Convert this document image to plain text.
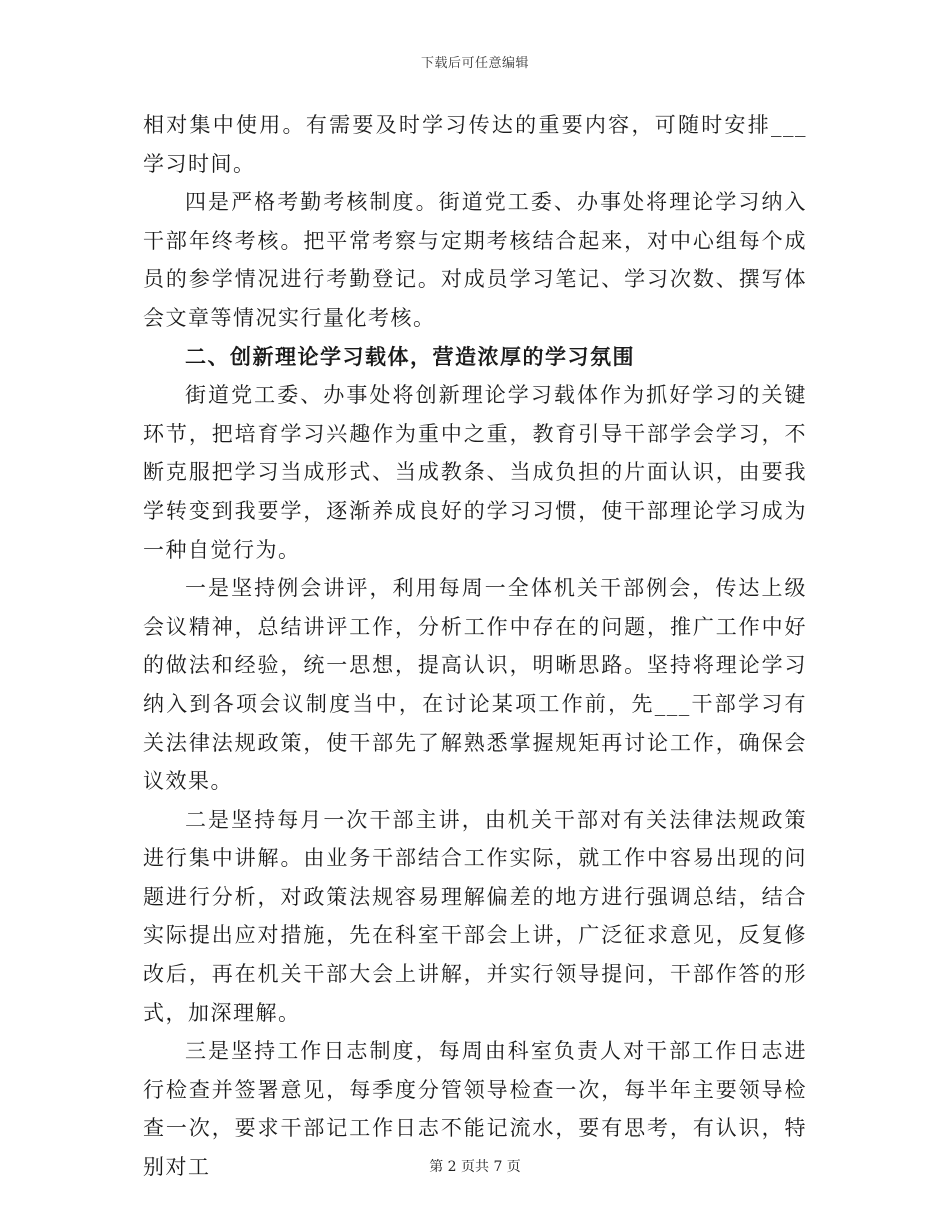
下载后可任意编辑

相对集中使用。有需要及时学习传达的重要内容，可随时安排___学习时间。

四是严格考勤考核制度。街道党工委、办事处将理论学习纳入干部年终考核。把平常考察与定期考核结合起来，对中心组每个成员的参学情况进行考勤登记。对成员学习笔记、学习次数、撰写体会文章等情况实行量化考核。

二、创新理论学习载体，营造浓厚的学习氛围

街道党工委、办事处将创新理论学习载体作为抓好学习的关键环节，把培育学习兴趣作为重中之重，教育引导干部学会学习，不断克服把学习当成形式、当成教条、当成负担的片面认识，由要我学转变到我要学，逐渐养成良好的学习习惯，使干部理论学习成为一种自觉行为。

一是坚持例会讲评，利用每周一全体机关干部例会，传达上级会议精神，总结讲评工作，分析工作中存在的问题，推广工作中好的做法和经验，统一思想，提高认识，明晰思路。坚持将理论学习纳入到各项会议制度当中，在讨论某项工作前，先___干部学习有关法律法规政策，使干部先了解熟悉掌握规矩再讨论工作，确保会议效果。

二是坚持每月一次干部主讲，由机关干部对有关法律法规政策进行集中讲解。由业务干部结合工作实际，就工作中容易出现的问题进行分析，对政策法规容易理解偏差的地方进行强调总结，结合实际提出应对措施，先在科室干部会上讲，广泛征求意见，反复修改后，再在机关干部大会上讲解，并实行领导提问，干部作答的形式，加深理解。

三是坚持工作日志制度，每周由科室负责人对干部工作日志进行检查并签署意见，每季度分管领导检查一次，每半年主要领导检查一次，要求干部记工作日志不能记流水，要有思考，有认识，特别对工	第 2 页共 7 页
